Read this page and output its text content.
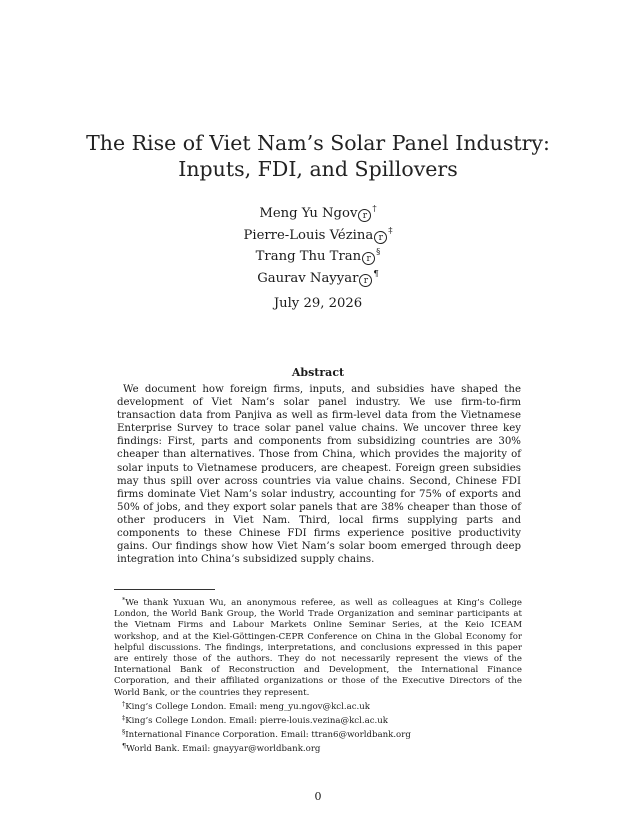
The Rise of Viet Nam’s Solar Panel Industry:
Inputs, FDI, and Spillovers
Meng Yu Ngov r†
Pierre-Louis Vézina r‡
Trang Thu Tran r§
Gaurav Nayyar r¶
July 29, 2026
Abstract
We document how foreign firms, inputs, and subsidies have shaped the development of Viet Nam’s solar panel industry. We use firm-to-firm transaction data from Panjiva as well as firm-level data from the Vietnamese Enterprise Survey to trace solar panel value chains. We uncover three key findings: First, parts and components from subsidizing countries are 30% cheaper than alternatives. Those from China, which provides the majority of solar inputs to Vietnamese producers, are cheapest. Foreign green subsidies may thus spill over across countries via value chains. Second, Chinese FDI firms dominate Viet Nam’s solar industry, accounting for 75% of exports and 50% of jobs, and they export solar panels that are 38% cheaper than those of other producers in Viet Nam. Third, local firms supplying parts and components to these Chinese FDI firms experience positive productivity gains. Our findings show how Viet Nam’s solar boom emerged through deep integration into China’s subsidized supply chains.

*We thank Yuxuan Wu, an anonymous referee, as well as colleagues at King’s College London, the World Bank Group, the World Trade Organization and seminar participants at the Vietnam Firms and Labour Markets Online Seminar Series, at the Keio ICEAM workshop, and at the Kiel-Göttingen-CEPR Conference on China in the Global Economy for helpful discussions. The findings, interpretations, and conclusions expressed in this paper are entirely those of the authors. They do not necessarily represent the views of the International Bank of Reconstruction and Development, the International Finance Corporation, and their affiliated organizations or those of the Executive Directors of the World Bank, or the countries they represent.

†King’s College London. Email: meng_yu.ngov@kcl.ac.uk

‡King’s College London. Email: pierre-louis.vezina@kcl.ac.uk

§International Finance Corporation. Email: ttran6@worldbank.org

¶World Bank. Email: gnayyar@worldbank.org

0
